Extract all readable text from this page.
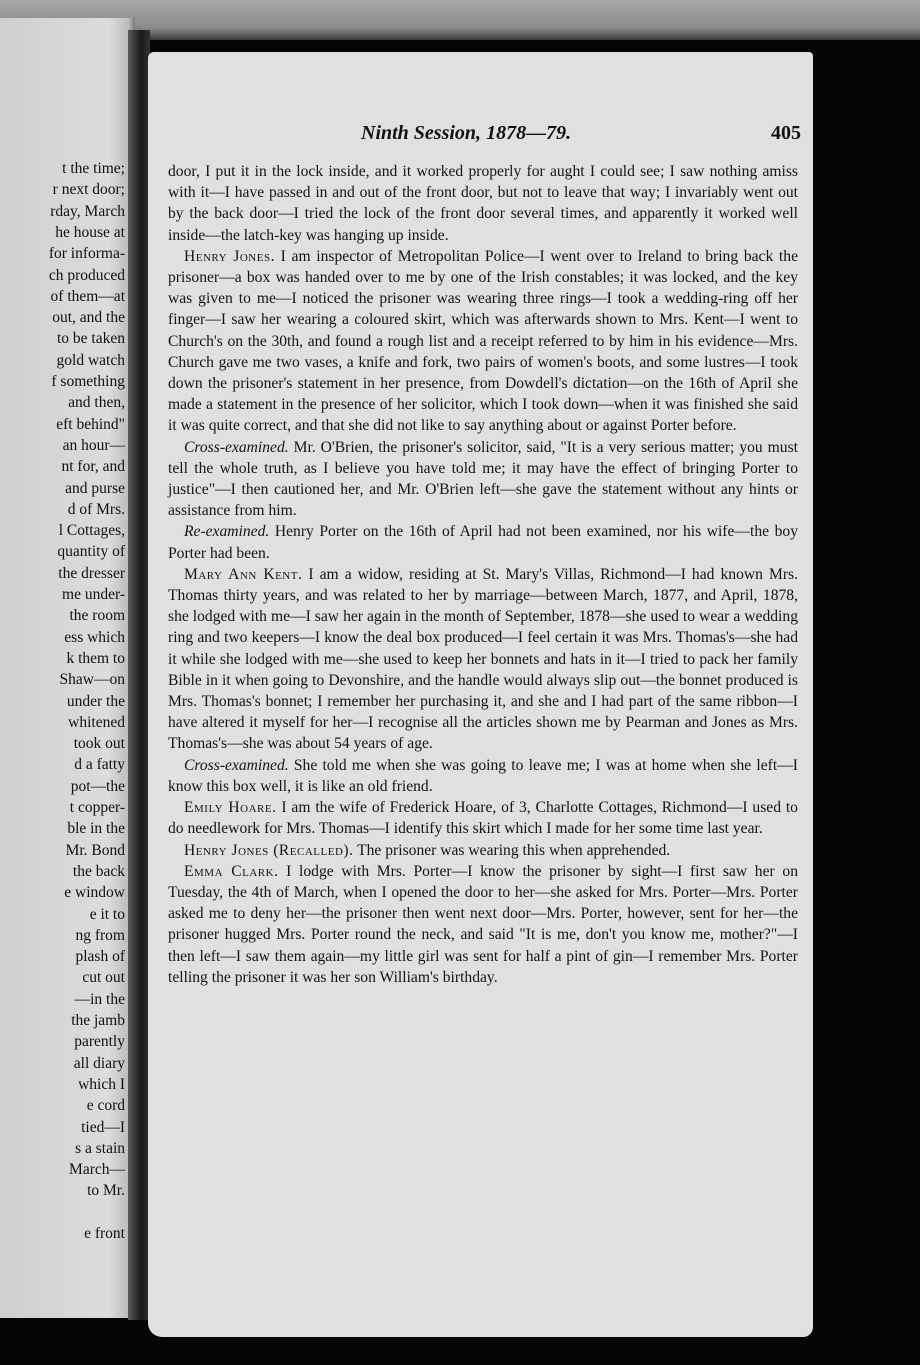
t the time;
r next door;
rday, March
he house at
for informa-
ch produced
of them—at
out, and the
to be taken
gold watch
f something
and then,
eft behind"
an hour—
nt for, and
and purse
d of Mrs.
l Cottages,
quantity of
the dresser
me under-
the room
ess which
k them to
Shaw—on
under the
whitened
took out
d a fatty
pot—the
t copper-
ble in the
Mr. Bond
the back
e window
e it to
ng from
plash of
cut out
—in the
the jamb
parently
all diary
which I
e cord
tied—I
s a stain
March—
to Mr.
e front
Ninth Session, 1878—79.	405

door, I put it in the lock inside, and it worked properly for aught I could see; I saw nothing amiss with it—I have passed in and out of the front door, but not to leave that way; I invariably went out by the back door—I tried the lock of the front door several times, and apparently it worked well inside—the latch-key was hanging up inside.

Henry Jones. I am inspector of Metropolitan Police—I went over to Ireland to bring back the prisoner—a box was handed over to me by one of the Irish constables; it was locked, and the key was given to me—I noticed the prisoner was wearing three rings—I took a wedding-ring off her finger—I saw her wearing a coloured skirt, which was afterwards shown to Mrs. Kent—I went to Church's on the 30th, and found a rough list and a receipt referred to by him in his evidence—Mrs. Church gave me two vases, a knife and fork, two pairs of women's boots, and some lustres—I took down the prisoner's statement in her presence, from Dowdell's dictation—on the 16th of April she made a statement in the presence of her solicitor, which I took down—when it was finished she said it was quite correct, and that she did not like to say anything about or against Porter before.

Cross-examined. Mr. O'Brien, the prisoner's solicitor, said, "It is a very serious matter; you must tell the whole truth, as I believe you have told me; it may have the effect of bringing Porter to justice"—I then cautioned her, and Mr. O'Brien left—she gave the statement without any hints or assistance from him.

Re-examined. Henry Porter on the 16th of April had not been examined, nor his wife—the boy Porter had been.

Mary Ann Kent. I am a widow, residing at St. Mary's Villas, Richmond—I had known Mrs. Thomas thirty years, and was related to her by marriage—between March, 1877, and April, 1878, she lodged with me—I saw her again in the month of September, 1878—she used to wear a wedding ring and two keepers—I know the deal box produced—I feel certain it was Mrs. Thomas's—she had it while she lodged with me—she used to keep her bonnets and hats in it—I tried to pack her family Bible in it when going to Devonshire, and the handle would always slip out—the bonnet produced is Mrs. Thomas's bonnet; I remember her purchasing it, and she and I had part of the same ribbon—I have altered it myself for her—I recognise all the articles shown me by Pearman and Jones as Mrs. Thomas's—she was about 54 years of age.

Cross-examined. She told me when she was going to leave me; I was at home when she left—I know this box well, it is like an old friend.

Emily Hoare. I am the wife of Frederick Hoare, of 3, Charlotte Cottages, Richmond—I used to do needlework for Mrs. Thomas—I identify this skirt which I made for her some time last year.

Henry Jones (Recalled). The prisoner was wearing this when apprehended.

Emma Clark. I lodge with Mrs. Porter—I know the prisoner by sight—I first saw her on Tuesday, the 4th of March, when I opened the door to her—she asked for Mrs. Porter—Mrs. Porter asked me to deny her—the prisoner then went next door—Mrs. Porter, however, sent for her—the prisoner hugged Mrs. Porter round the neck, and said "It is me, don't you know me, mother?"—I then left—I saw them again—my little girl was sent for half a pint of gin—I remember Mrs. Porter telling the prisoner it was her son William's birthday.
